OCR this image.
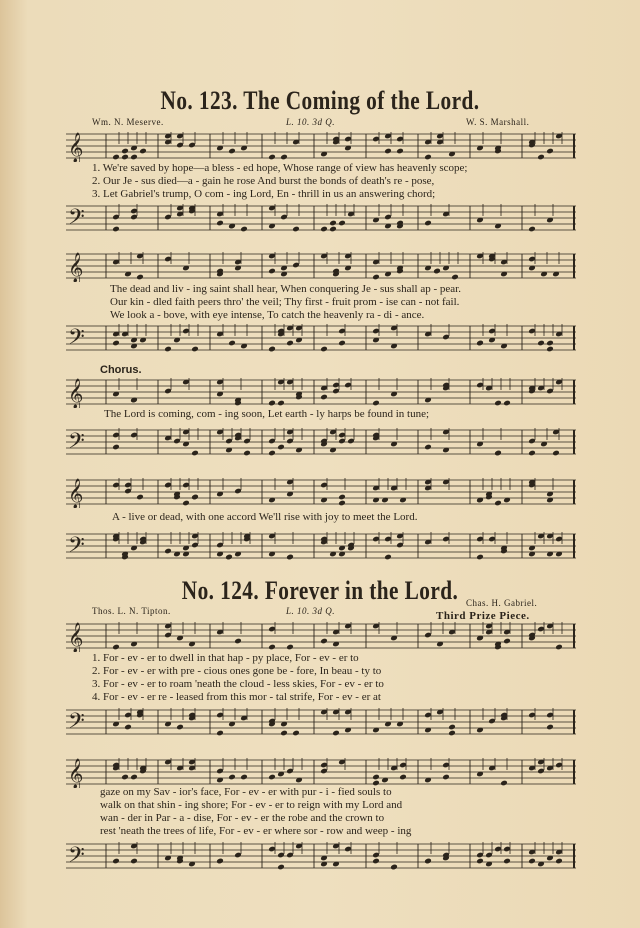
No. 123. The Coming of the Lord.
Wm. N. Meserve.	L. 10. 3d Q.	W. S. Marshall.
𝄞
1. We're saved by hope—a bless - ed hope, Whose range of view has heavenly scope;
2. Our Je - sus died—a - gain he rose And burst the bonds of death's re - pose,
3. Let Gabriel's trump, O com - ing Lord, En - thrill in us an answering chord;
𝄢
𝄞
The dead and liv - ing saint shall hear, When conquering Je - sus shall ap - pear.
Our kin - dled faith peers thro' the veil; Thy first - fruit prom - ise can - not fail.
We look a - bove, with eye intense, To catch the heavenly ra - di - ance.
𝄢
Chorus.
𝄞
The Lord is coming, com - ing soon, Let earth - ly harps be found in tune;
𝄢
𝄞
A - live or dead, with one accord We'll rise with joy to meet the Lord.
𝄢
No. 124. Forever in the Lord.
Thos. L. N. Tipton.	L. 10. 3d Q.
Chas. H. Gabriel.
Third Prize Piece.
𝄞
1. For - ev - er to dwell in that hap - py place, For - ev - er to
2. For - ev - er with pre - cious ones gone be - fore, In beau - ty to
3. For - ev - er to roam 'neath the cloud - less skies, For - ev - er to
4. For - ev - er re - leased from this mor - tal strife, For - ev - er at
𝄢
𝄞
gaze on my Sav - ior's face, For - ev - er with pur - i - fied souls to
walk on that shin - ing shore; For - ev - er to reign with my Lord and
wan - der in Par - a - dise, For - ev - er the robe and the crown to
rest 'neath the trees of life, For - ev - er where sor - row and weep - ing
𝄢
